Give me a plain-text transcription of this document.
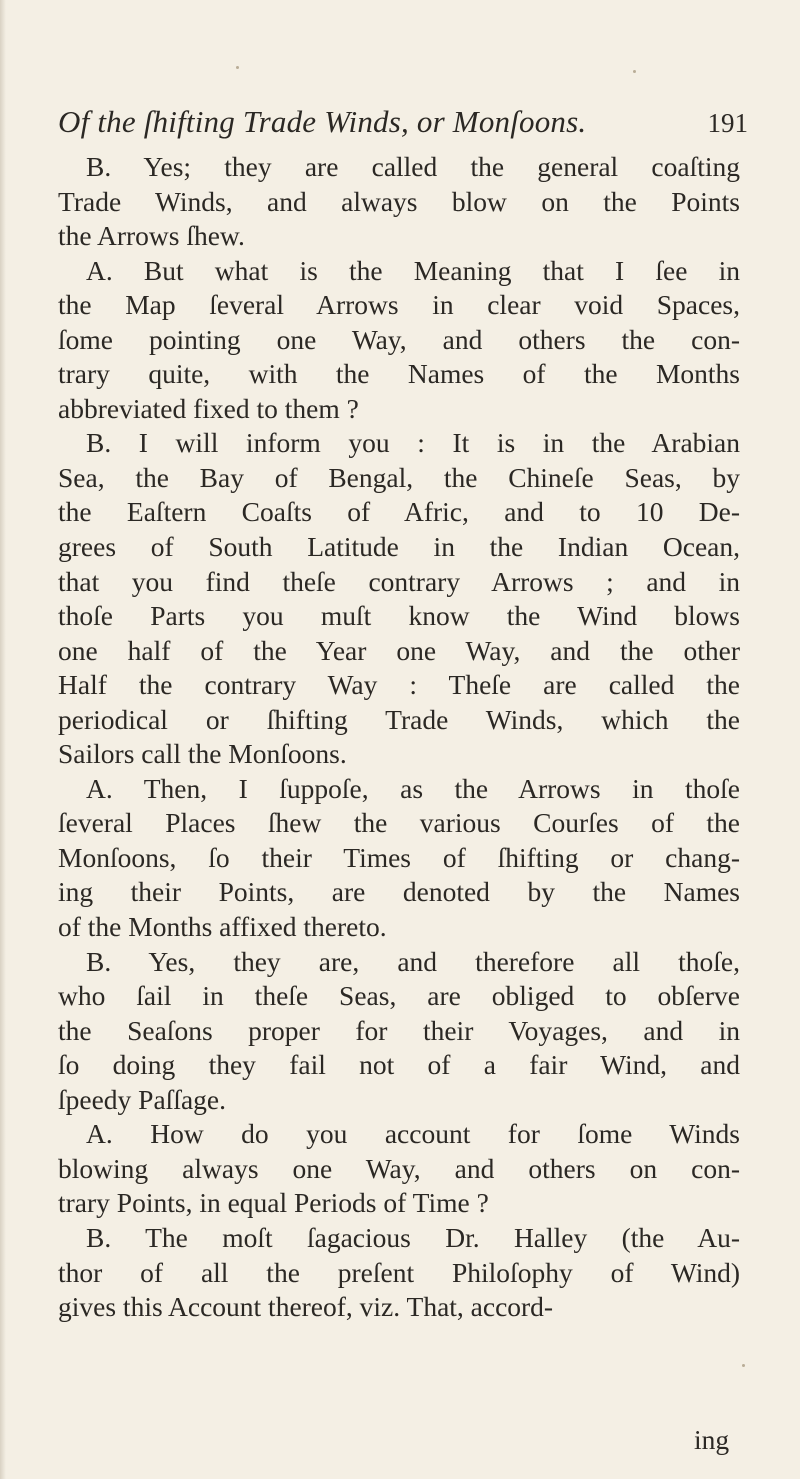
Of the ſhifting Trade Winds, or Monſoons.	191
B. Yes; they are called the general coaſting
Trade Winds, and always blow on the Points
the Arrows ſhew.
A. But what is the Meaning that I ſee in
the Map ſeveral Arrows in clear void Spaces,
ſome pointing one Way, and others the con-
trary quite, with the Names of the Months
abbreviated fixed to them ?
B. I will inform you : It is in the Arabian
Sea, the Bay of Bengal, the Chineſe Seas, by
the Eaſtern Coaſts of Afric, and to 10 De-
grees of South Latitude in the Indian Ocean,
that you find theſe contrary Arrows ; and in
thoſe Parts you muſt know the Wind blows
one half of the Year one Way, and the other
Half the contrary Way : Theſe are called the
periodical or ſhifting Trade Winds, which the
Sailors call the Monſoons.
A. Then, I ſuppoſe, as the Arrows in thoſe
ſeveral Places ſhew the various Courſes of the
Monſoons, ſo their Times of ſhifting or chang-
ing their Points, are denoted by the Names
of the Months affixed thereto.
B. Yes, they are, and therefore all thoſe,
who ſail in theſe Seas, are obliged to obſerve
the Seaſons proper for their Voyages, and in
ſo doing they fail not of a fair Wind, and
ſpeedy Paſſage.
A. How do you account for ſome Winds
blowing always one Way, and others on con-
trary Points, in equal Periods of Time ?
B. The moſt ſagacious Dr. Halley (the Au-
thor of all the preſent Philoſophy of Wind)
gives this Account thereof, viz. That, accord-
ing
